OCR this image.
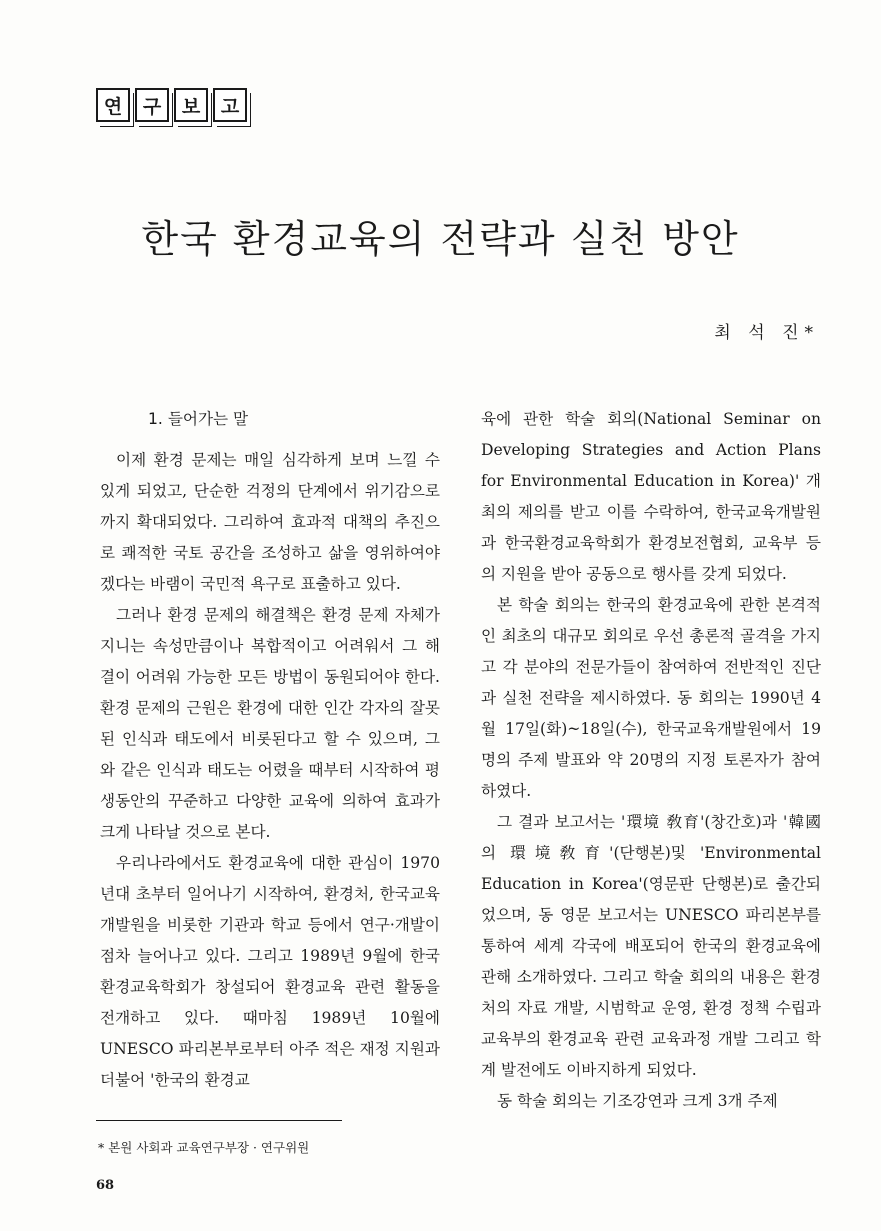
연	구	보	고
한국 환경교육의 전략과 실천 방안
최 석 진*

1. 들어가는 말

이제 환경 문제는 매일 심각하게 보며 느낄 수 있게 되었고, 단순한 걱정의 단계에서 위기감으로까지 확대되었다. 그리하여 효과적 대책의 추진으로 쾌적한 국토 공간을 조성하고 삶을 영위하여야겠다는 바램이 국민적 욕구로 표출하고 있다.

그러나 환경 문제의 해결책은 환경 문제 자체가 지니는 속성만큼이나 복합적이고 어려워서 그 해결이 어려워 가능한 모든 방법이 동원되어야 한다. 환경 문제의 근원은 환경에 대한 인간 각자의 잘못된 인식과 태도에서 비롯된다고 할 수 있으며, 그와 같은 인식과 태도는 어렸을 때부터 시작하여 평생동안의 꾸준하고 다양한 교육에 의하여 효과가 크게 나타날 것으로 본다.

우리나라에서도 환경교육에 대한 관심이 1970년대 초부터 일어나기 시작하여, 환경처, 한국교육개발원을 비롯한 기관과 학교 등에서 연구·개발이 점차 늘어나고 있다. 그리고 1989년 9월에 한국환경교육학회가 창설되어 환경교육 관련 활동을 전개하고 있다. 때마침 1989년 10월에 UNESCO 파리본부로부터 아주 적은 재정 지원과 더불어 '한국의 환경교

육에 관한 학술 회의(National Seminar on Developing Strategies and Action Plans for Environmental Education in Korea)' 개최의 제의를 받고 이를 수락하여, 한국교육개발원과 한국환경교육학회가 환경보전협회, 교육부 등의 지원을 받아 공동으로 행사를 갖게 되었다.

본 학술 회의는 한국의 환경교육에 관한 본격적인 최초의 대규모 회의로 우선 총론적 골격을 가지고 각 분야의 전문가들이 참여하여 전반적인 진단과 실천 전략을 제시하였다. 동 회의는 1990년 4월 17일(화)~18일(수), 한국교육개발원에서 19명의 주제 발표와 약 20명의 지정 토론자가 참여하였다.

그 결과 보고서는 '環境 敎育'(창간호)과 '韓國의 環境敎育'(단행본)및 'Environmental Education in Korea'(영문판 단행본)로 출간되었으며, 동 영문 보고서는 UNESCO 파리본부를 통하여 세계 각국에 배포되어 한국의 환경교육에 관해 소개하였다. 그리고 학술 회의의 내용은 환경처의 자료 개발, 시범학교 운영, 환경 정책 수립과 교육부의 환경교육 관련 교육과정 개발 그리고 학계 발전에도 이바지하게 되었다.

동 학술 회의는 기조강연과 크게 3개 주제

* 본원 사회과 교육연구부장 · 연구위원
68
